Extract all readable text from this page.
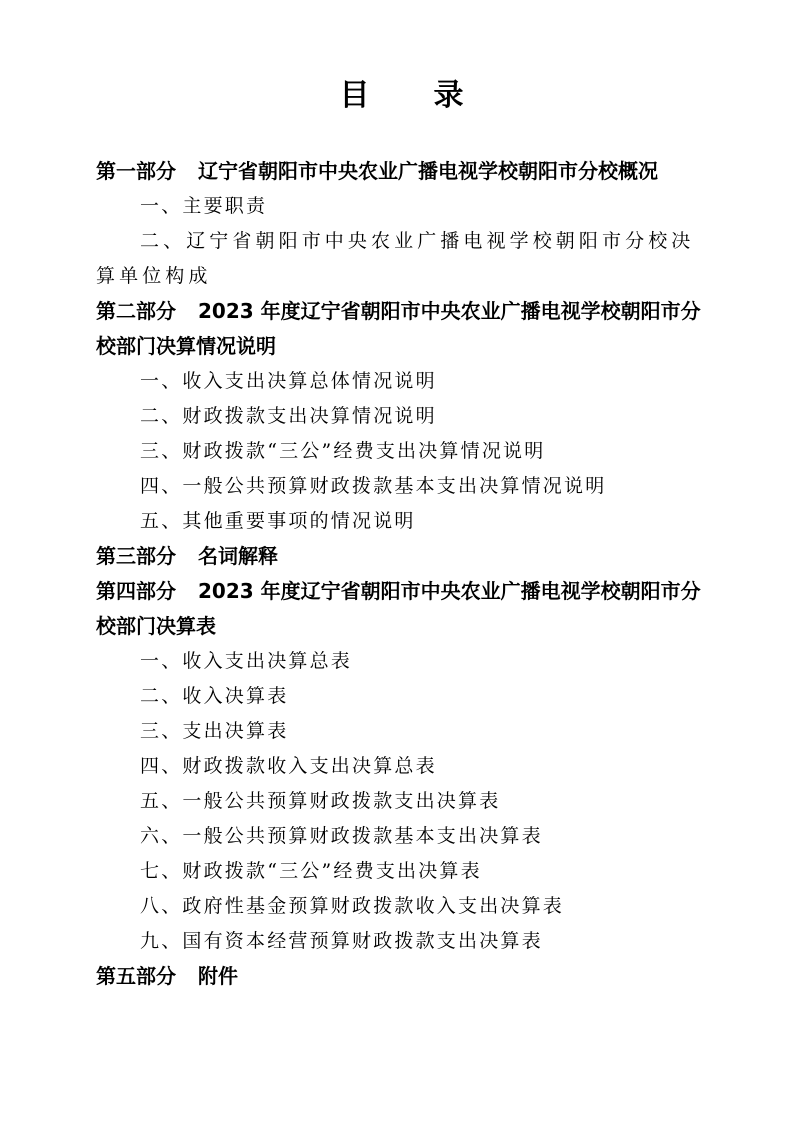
目 录
第一部分 辽宁省朝阳市中央农业广播电视学校朝阳市分校概况
一、主要职责
二、辽宁省朝阳市中央农业广播电视学校朝阳市分校决算单位构成
第二部分 2023 年度辽宁省朝阳市中央农业广播电视学校朝阳市分校部门决算情况说明
一、收入支出决算总体情况说明
二、财政拨款支出决算情况说明
三、财政拨款“三公”经费支出决算情况说明
四、一般公共预算财政拨款基本支出决算情况说明
五、其他重要事项的情况说明
第三部分 名词解释
第四部分 2023 年度辽宁省朝阳市中央农业广播电视学校朝阳市分校部门决算表
一、收入支出决算总表
二、收入决算表
三、支出决算表
四、财政拨款收入支出决算总表
五、一般公共预算财政拨款支出决算表
六、一般公共预算财政拨款基本支出决算表
七、财政拨款“三公”经费支出决算表
八、政府性基金预算财政拨款收入支出决算表
九、国有资本经营预算财政拨款支出决算表
第五部分 附件
